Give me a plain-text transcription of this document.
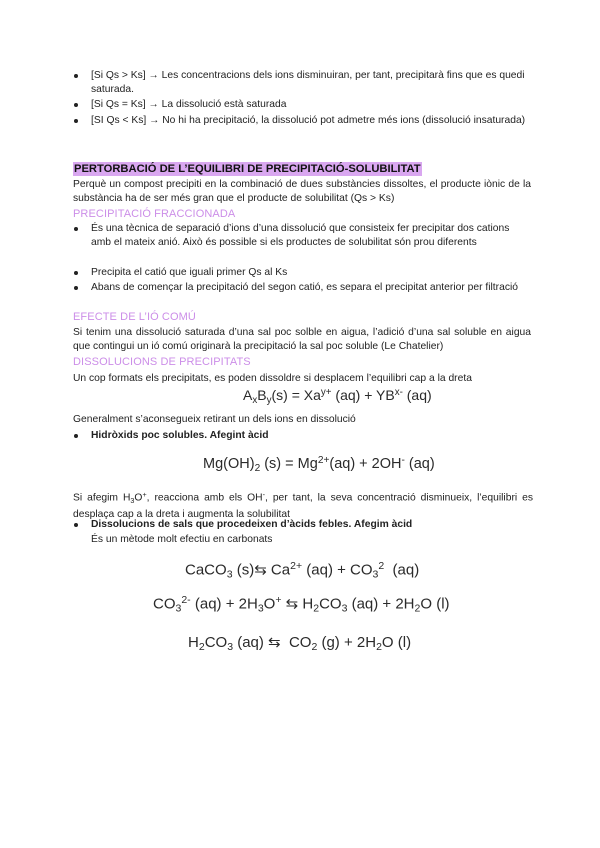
[Si Qs > Ks] → Les concentracions dels ions disminuiran, per tant, precipitarà fins que es quedi saturada.
[Si Qs = Ks] → La dissolució està saturada
[SI Qs < Ks] → No hi ha precipitació, la dissolució pot admetre més ions (dissolució insaturada)
PERTORBACIÓ DE L’EQUILIBRI DE PRECIPITACIÓ-SOLUBILITAT
Perquè un compost precipiti en la combinació de dues substàncies dissoltes, el producte iònic de la substància ha de ser més gran que el producte de solubilitat (Qs > Ks)
PRECIPITACIÓ FRACCIONADA
És una tècnica de separació d’ions d’una dissolució que consisteix fer precipitar dos cations amb el mateix anió. Això és possible si els productes de solubilitat són prou diferents
Precipita el catió que iguali primer Qs al Ks
Abans de començar la precipitació del segon catió, es separa el precipitat anterior per filtració
EFECTE DE L’IÓ COMÚ
Si tenim una dissolució saturada d’una sal poc solble en aigua, l’adició d’una sal soluble en aigua que contingui un ió comú originarà la precipitació la sal poc soluble (Le Chatelier)
DISSOLUCIONS DE PRECIPITATS
Un cop formats els precipitats, es poden dissoldre si desplacem l’equilibri cap a la dreta
$A_xB_y(s) = Xa^{y+}$ $(aq) + YB^{x-}$ (aq)
Generalment s’aconsegueix retirant un dels ions en dissolució
Hidròxids poc solubles. Afegint àcid
$Mg(OH)_2$ $(s) = Mg^{2+}(aq) + 2OH^-$ (aq)
Si afegim $H_3O^+$, reacciona amb els OH-, per tant, la seva concentració disminueix, l’equilibri es desplaça cap a la dreta i augmenta la solubilitat
Dissolucions de sals que procedeixen d’àcids febles. Afegim àcid
És un mètode molt efectiu en carbonats
CaCO$_3$ (s)⇆ $Ca^{2+}$ $(aq) + CO_3^2$  (aq)
$CO_3^{2-}$ $(aq) + 2H_3O^+$ ⇆ $H_2CO_3$ $(aq) + 2H_2O$ (l)
$H_2CO_3$ (aq) ⇆  $CO_2$ $(g) + 2H_2O$ (l)
